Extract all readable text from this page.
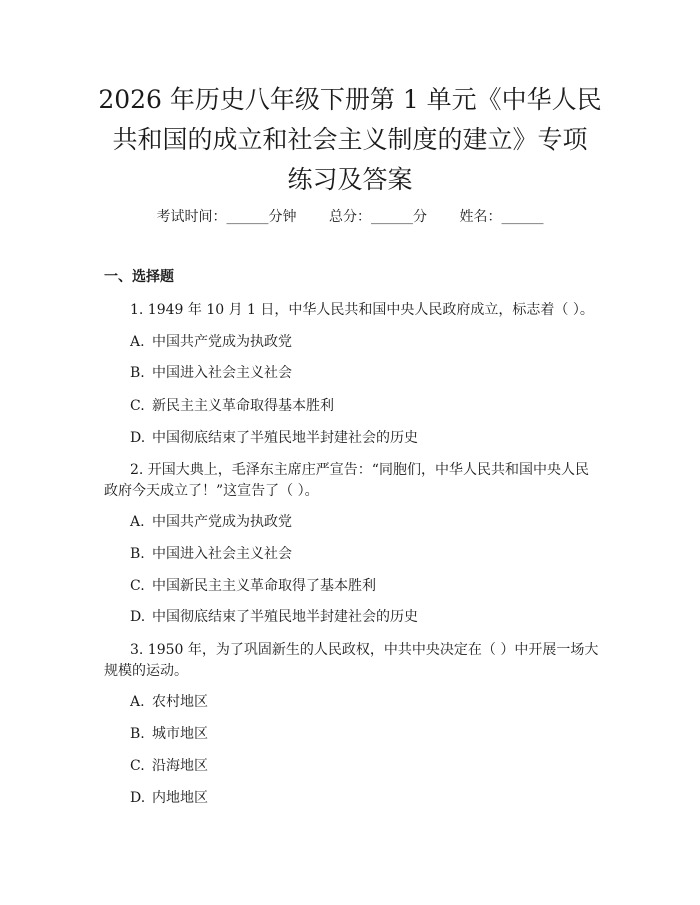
2026 年历史八年级下册第 1 单元《中华人民
共和国的成立和社会主义制度的建立》专项
练习及答案
考试时间：______分钟 总分：______分 姓名：______
一、选择题
1. 1949 年 10 月 1 日，中华人民共和国中央人民政府成立，标志着（ ）。
A. 中国共产党成为执政党
B. 中国进入社会主义社会
C. 新民主主义革命取得基本胜利
D. 中国彻底结束了半殖民地半封建社会的历史
2. 开国大典上，毛泽东主席庄严宣告：“同胞们，中华人民共和国中央人民
政府今天成立了！”这宣告了（ ）。
A. 中国共产党成为执政党
B. 中国进入社会主义社会
C. 中国新民主主义革命取得了基本胜利
D. 中国彻底结束了半殖民地半封建社会的历史
3. 1950 年，为了巩固新生的人民政权，中共中央决定在（ ）中开展一场大
规模的运动。
A. 农村地区
B. 城市地区
C. 沿海地区
D. 内地地区
